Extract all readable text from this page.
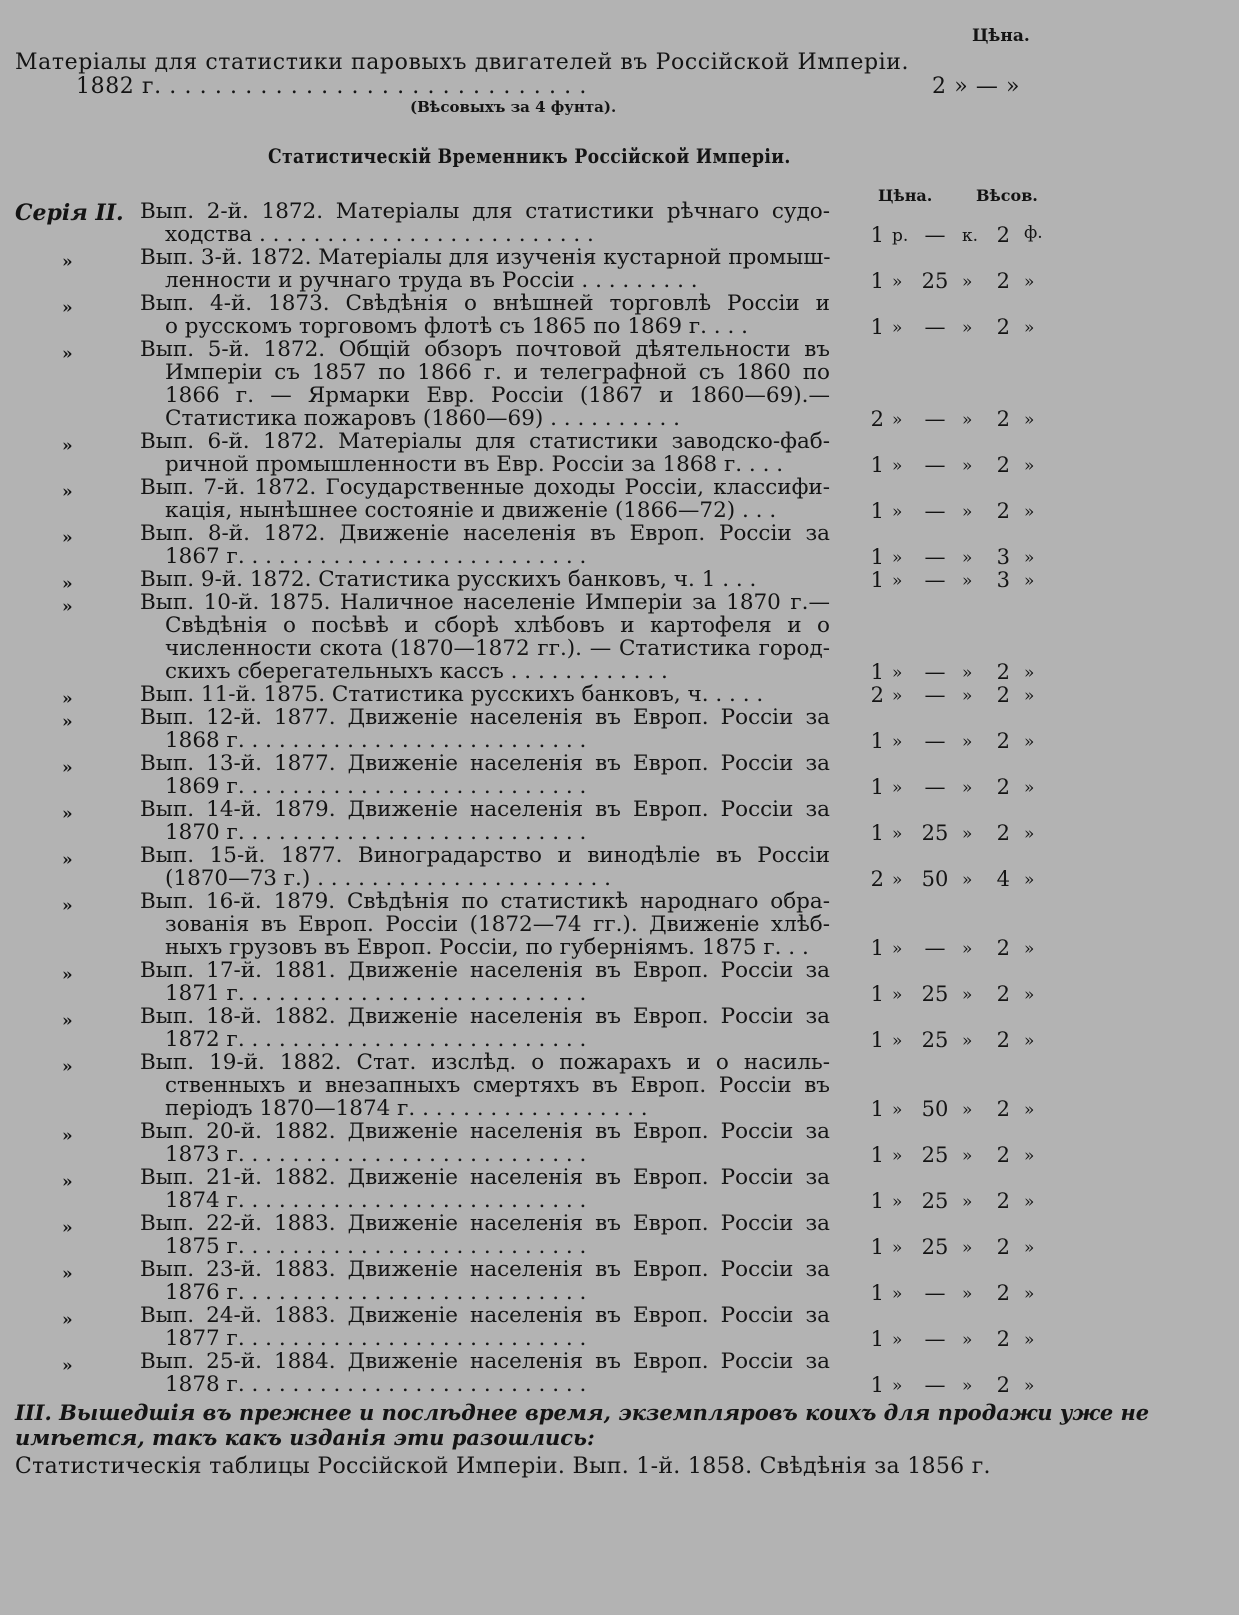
Цѣна.
Матеріалы для статистики паровыхъ двигателей въ Россійской Имперіи.
1882 г. . . . . . . . . . . . . . . . . . . . . . . . . . . . .	2 » — »
(Вѣсовыхъ за 4 фунта).
Статистическій Временникъ Россійской Имперіи.
Цѣна.	Вѣсов.
Серія II. Вып. 2-й. 1872. Матеріалы для статистики рѣчнаго судо-
ходства . . . . . . . . . . . . . . . . . . . . . . . . .	1 р. — к. 2 ф.
»	Вып. 3-й. 1872. Матеріалы для изученія кустарной промыш-
ленности и ручнаго труда въ Россіи . . . . . . . . .	1 » 25 »	2 »
»	Вып. 4-й. 1873. Свѣдѣнія о внѣшней торговлѣ Россіи и
о русскомъ торговомъ флотѣ съ 1865 по 1869 г. . . .	1 »	— »	2 »
»	Вып. 5-й. 1872. Общій обзоръ почтовой дѣятельности въ
Имперіи съ 1857 по 1866 г. и телеграфной съ 1860 по
1866 г. — Ярмарки Евр. Россіи (1867 и 1860—69).—
Статистика пожаровъ (1860—69) . . . . . . . . . .	2 »	— »	2 »
»	Вып. 6-й. 1872. Матеріалы для статистики заводско-фаб-
ричной промышленности въ Евр. Россіи за 1868 г. . . .	1 »	— »	2 »
»	Вып. 7-й. 1872. Государственные доходы Россіи, классифи-
кація, нынѣшнее состояніе и движеніе (1866—72) . . .	1 »	— »	2 »
»	Вып. 8-й. 1872. Движеніе населенія въ Европ. Россіи за
1867 г. . . . . . . . . . . . . . . . . . . . . . . . . .	1 »	— »	3 »
»	Вып. 9-й. 1872. Статистика русскихъ банковъ, ч. 1 . . .	1 »	— »	3 »
»	Вып. 10-й. 1875. Наличное населеніе Имперіи за 1870 г.—
Свѣдѣнія о посѣвѣ и сборѣ хлѣбовъ и картофеля и о
численности скота (1870—1872 гг.). — Статистика город-
скихъ сберегательныхъ кассъ . . . . . . . . . . . .	1 »	— »	2 »
»	Вып. 11-й. 1875. Статистика русскихъ банковъ, ч. . . . .	2 »	— »	2 »
»	Вып. 12-й. 1877. Движеніе населенія въ Европ. Россіи за
1868 г. . . . . . . . . . . . . . . . . . . . . . . . . .	1 »	— »	2 »
»	Вып. 13-й. 1877. Движеніе населенія въ Европ. Россіи за
1869 г. . . . . . . . . . . . . . . . . . . . . . . . . .	1 »	— »	2 »
»	Вып. 14-й. 1879. Движеніе населенія въ Европ. Россіи за
1870 г. . . . . . . . . . . . . . . . . . . . . . . . . .	1 » 25 »	2 »
»	Вып. 15-й. 1877. Виноградарство и винодѣліе въ Россіи
(1870—73 г.) . . . . . . . . . . . . . . . . . . . . . .	2 » 50 »	4 »
»	Вып. 16-й. 1879. Свѣдѣнія по статистикѣ народнаго обра-
зованія въ Европ. Россіи (1872—74 гг.). Движеніе хлѣб-
ныхъ грузовъ въ Европ. Россіи, по губерніямъ. 1875 г. . .	1 »	— »	2 »
»	Вып. 17-й. 1881. Движеніе населенія въ Европ. Россіи за
1871 г. . . . . . . . . . . . . . . . . . . . . . . . . .	1 » 25 »	2 »
»	Вып. 18-й. 1882. Движеніе населенія въ Европ. Россіи за
1872 г. . . . . . . . . . . . . . . . . . . . . . . . . .	1 » 25 »	2 »
»	Вып. 19-й. 1882. Стат. изслѣд. о пожарахъ и о насиль-
ственныхъ и внезапныхъ смертяхъ въ Европ. Россіи въ
періодъ 1870—1874 г. . . . . . . . . . . . . . . . . .	1 » 50 »	2 »
»	Вып. 20-й. 1882. Движеніе населенія въ Европ. Россіи за
1873 г. . . . . . . . . . . . . . . . . . . . . . . . . .	1 » 25 »	2 »
»	Вып. 21-й. 1882. Движеніе населенія въ Европ. Россіи за
1874 г. . . . . . . . . . . . . . . . . . . . . . . . . .	1 » 25 »	2 »
»	Вып. 22-й. 1883. Движеніе населенія въ Европ. Россіи за
1875 г. . . . . . . . . . . . . . . . . . . . . . . . . .	1 » 25 »	2 »
»	Вып. 23-й. 1883. Движеніе населенія въ Европ. Россіи за
1876 г. . . . . . . . . . . . . . . . . . . . . . . . . .	1 »	— »	2 »
»	Вып. 24-й. 1883. Движеніе населенія въ Европ. Россіи за
1877 г. . . . . . . . . . . . . . . . . . . . . . . . . .	1 »	— »	2 »
»	Вып. 25-й. 1884. Движеніе населенія въ Европ. Россіи за
1878 г. . . . . . . . . . . . . . . . . . . . . . . . . .	1 »	— »	2 »
III. Вышедшія въ прежнее и послѣднее время, экземпляровъ коихъ для продажи уже не
имѣется, такъ какъ изданія эти разошлись:
Статистическія таблицы Россійской Имперіи. Вып. 1-й. 1858. Свѣдѣнія за 1856 г.
